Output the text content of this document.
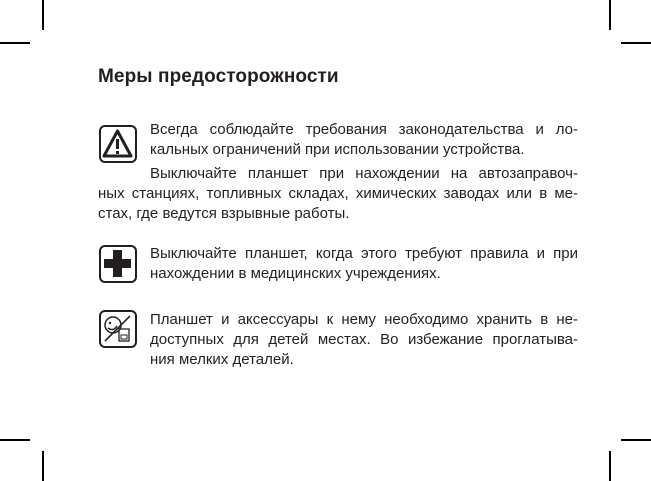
Меры предосторожности
Всегда соблюдайте требования законодательства и ло-
кальных ограничений при использовании устройства.
Выключайте планшет при нахождении на автозаправоч-
ных станциях, топливных складах, химических заводах или в ме-
стах, где ведутся взрывные работы.
Выключайте планшет, когда этого требуют правила и при
нахождении в медицинских учреждениях.
Планшет и аксессуары к нему необходимо хранить в не-
доступных для детей местах. Во избежание проглатыва-
ния мелких деталей.
